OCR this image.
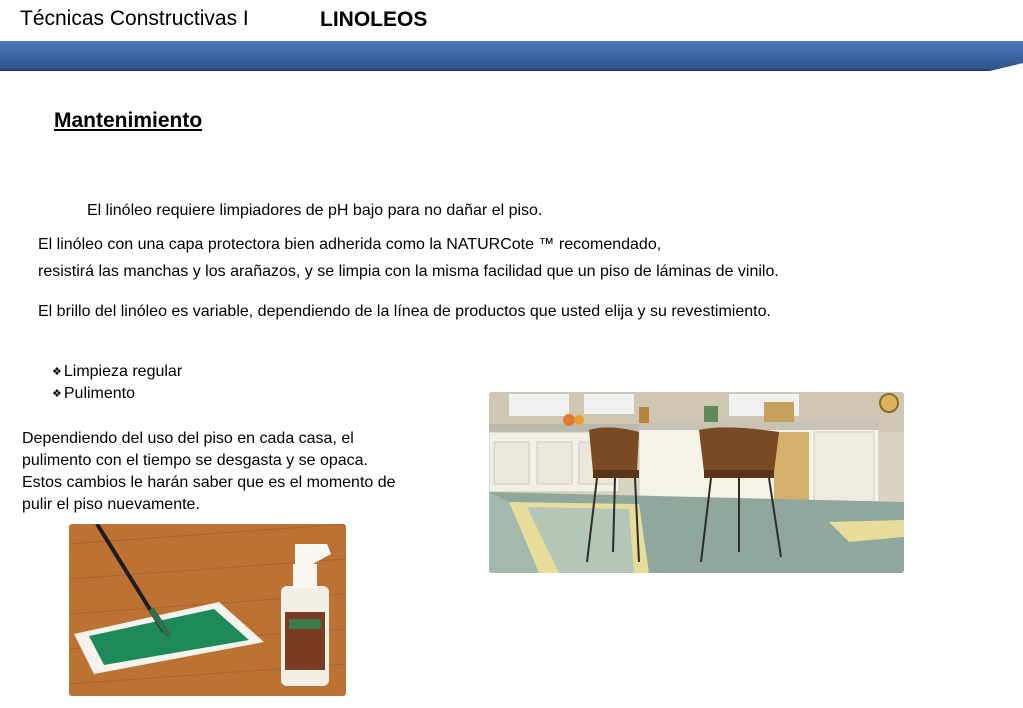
Técnicas Constructivas I	LINOLEOS
Mantenimiento
El linóleo requiere limpiadores de pH bajo para no dañar el piso.
El linóleo con una capa protectora bien adherida como la NATURCote ™ recomendado,
resistirá las manchas y los arañazos, y se limpia con la misma facilidad que un piso de láminas de vinilo.
El brillo del linóleo es variable, dependiendo de la línea de productos que usted elija y su revestimiento.
❖ Limpieza regular
❖ Pulimento
Dependiendo del uso del piso en cada casa, el pulimento con el tiempo se desgasta y se opaca. Estos cambios le harán saber que es el momento de pulir el piso nuevamente.
